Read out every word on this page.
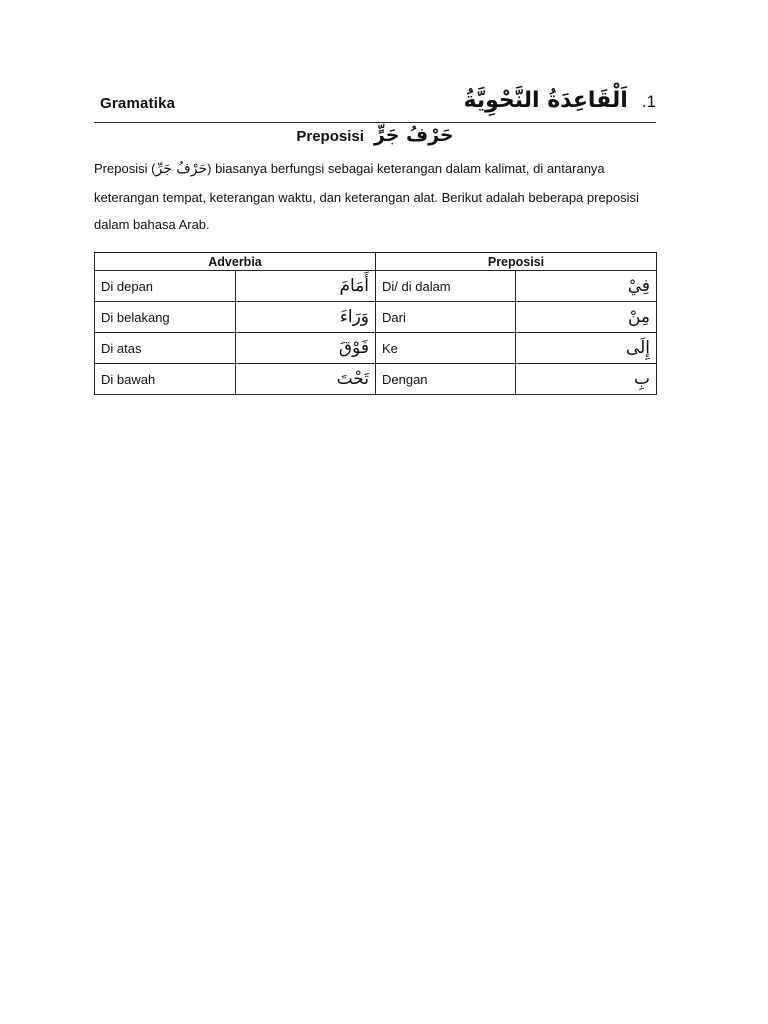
Gramatika	اَلْقَاعِدَةُ النَّحْوِيَّةُ .1
Preposisi حَرْفُ جَرٍّ
Preposisi (حَرْفُ جَرِّ) biasanya berfungsi sebagai keterangan dalam kalimat, di antaranya keterangan tempat, keterangan waktu, dan keterangan alat. Berikut adalah beberapa preposisi dalam bahasa Arab.
Adverbia		Preposisi	
Di depan	أَمَامَ	Di/ di dalam	فِيْ
Di belakang	وَرَاءَ	Dari	مِنْ
Di atas	فَوْقَ	Ke	إِلَى
Di bawah	تَحْتَ	Dengan	بِ
